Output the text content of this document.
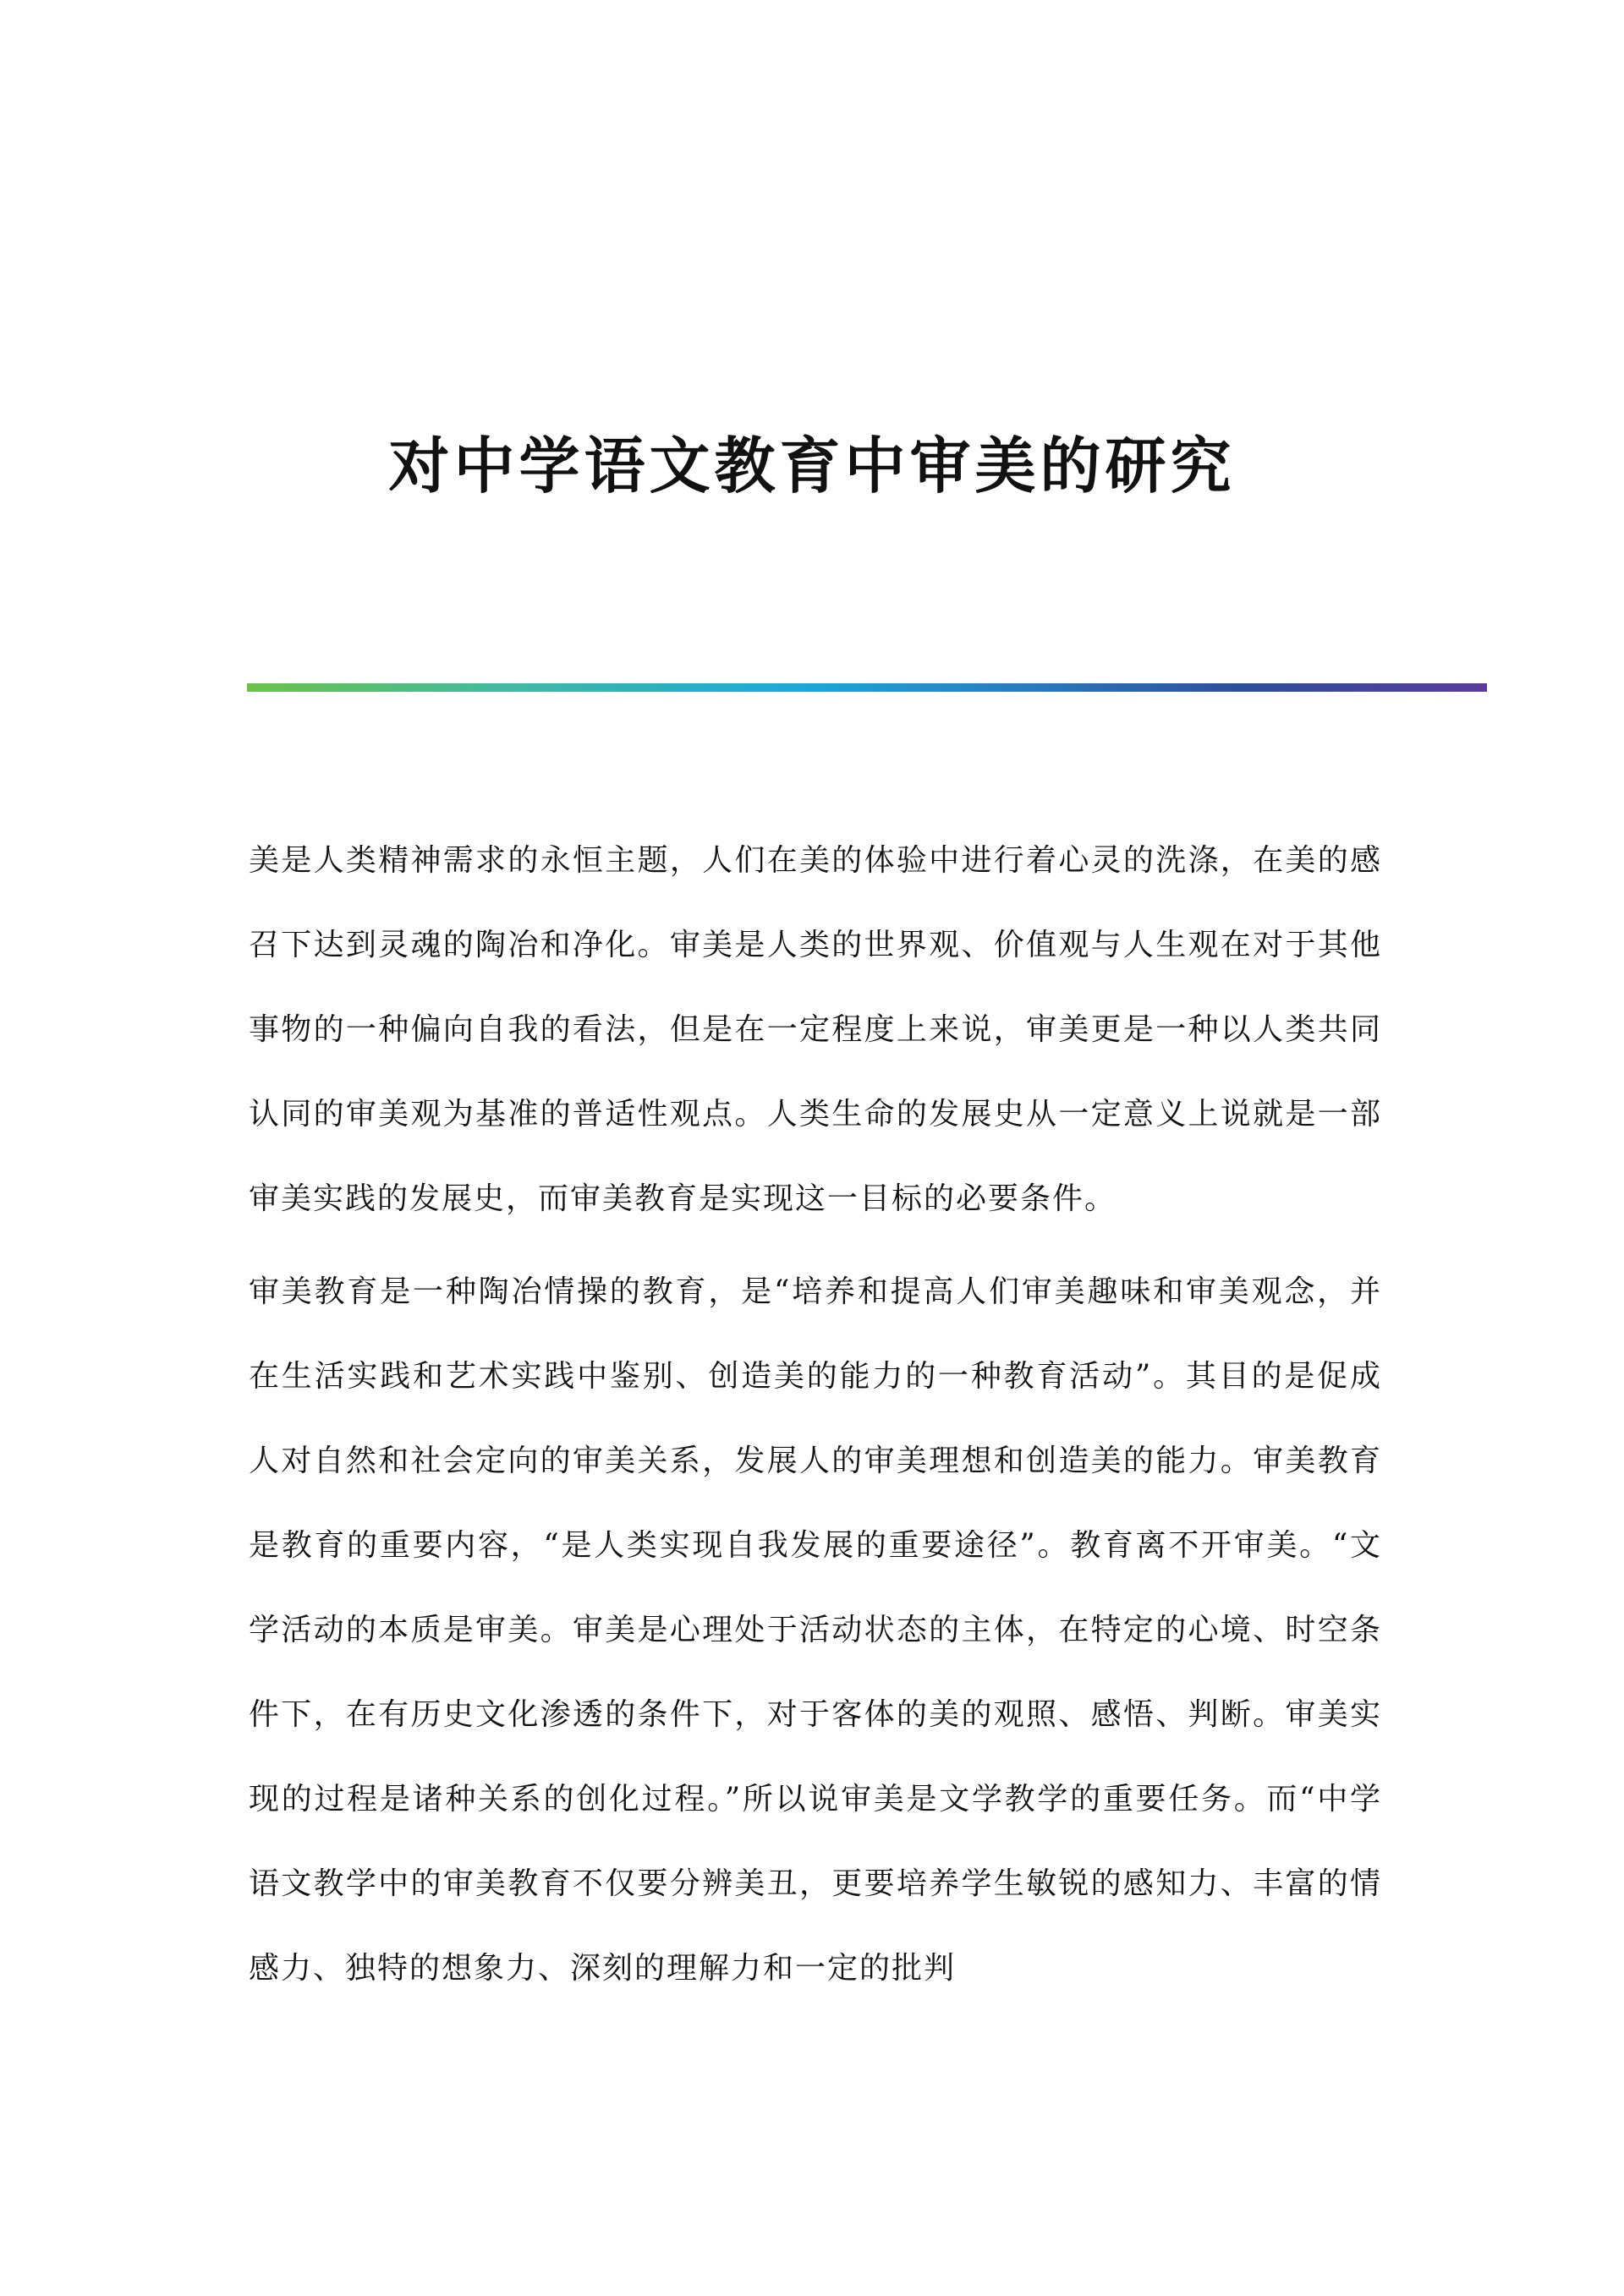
对中学语文教育中审美的研究

美是人类精神需求的永恒主题，人们在美的体验中进行着心灵的洗涤，在美的感召下达到灵魂的陶冶和净化。审美是人类的世界观、价值观与人生观在对于其他事物的一种偏向自我的看法，但是在一定程度上来说，审美更是一种以人类共同认同的审美观为基准的普适性观点。人类生命的发展史从一定意义上说就是一部审美实践的发展史，而审美教育是实现这一目标的必要条件。

审美教育是一种陶冶情操的教育，是“培养和提高人们审美趣味和审美观念，并在生活实践和艺术实践中鉴别、创造美的能力的一种教育活动”。其目的是促成人对自然和社会定向的审美关系，发展人的审美理想和创造美的能力。审美教育是教育的重要内容，“是人类实现自我发展的重要途径”。教育离不开审美。“文学活动的本质是审美。审美是心理处于活动状态的主体，在特定的心境、时空条件下，在有历史文化渗透的条件下，对于客体的美的观照、感悟、判断。审美实现的过程是诸种关系的创化过程。”所以说审美是文学教学的重要任务。而“中学语文教学中的审美教育不仅要分辨美丑，更要培养学生敏锐的感知力、丰富的情感力、独特的想象力、深刻的理解力和一定的批判
